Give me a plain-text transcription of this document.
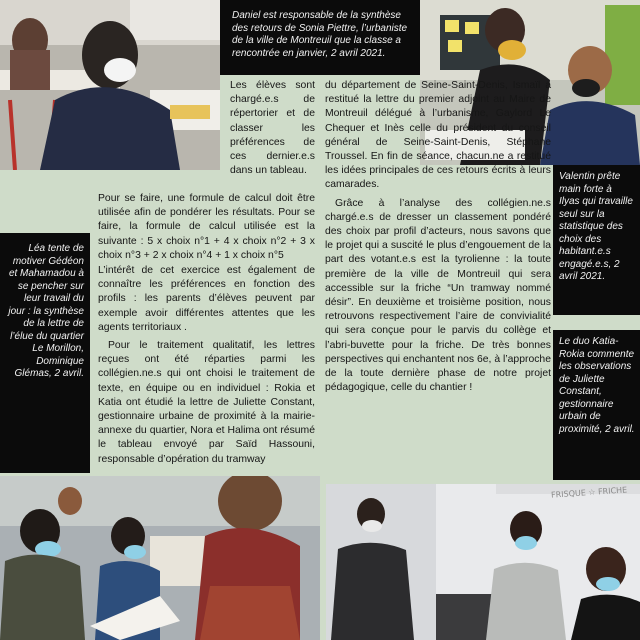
Daniel est responsable de la synthèse des retours de Sonia Piettre, l’urbaniste de la ville de Montreuil que la classe a rencontrée en janvier, 2 avril 2021.

Les élèves sont chargé.e.s de répertorier et de classer les préférences de ces dernier.e.s dans un tableau.

du département de Seine-Saint-Denis, Ismaïl a restitué la lettre du premier adjoint au Maire de Montreuil délégué à l’urbanisme, Gaylord Le Chequer et Inès celle du président du conseil général de Seine-Saint-Denis, Stéphane Troussel. En fin de séance, chacun.ne a restitué les idées principales de ces retours écrits à leurs camarades.

Grâce à l’analyse des collégien.ne.s chargé.e.s de dresser un classement pondéré des choix par profil d’acteurs, nous savons que le projet qui a suscité le plus d’engouement de la part des votant.e.s est la tyrolienne : la toute première de la ville de Montreuil qui sera accessible sur la friche “Un tramway nommé désir”. En deuxième et troisième position, nous retrouvons respectivement l’aire de convivialité qui sera conçue pour le parvis du collège et l’abri-buvette pour la friche. De très bonnes perspectives qui enchantent nos 6e, à l’approche de la toute dernière phase de notre projet pédagogique, celle du chantier !

Pour se faire, une formule de calcul doit être utilisée afin de pondérer les résultats. Pour se faire, la formule de calcul utilisée est la suivante : 5 x choix n°1 + 4 x choix n°2 + 3 x choix n°3 + 2 x choix n°4 + 1 x choix n°5

L’intérêt de cet exercice est également de connaître les préférences en fonction des profils : les parents d’élèves peuvent par exemple avoir différentes attentes que les agents territoriaux .

Pour le traitement qualitatif, les lettres reçues ont été réparties parmi les collégien.ne.s qui ont choisi le traitement de texte, en équipe ou en individuel : Rokia et Katia ont étudié la lettre de Juliette Constant, gestionnaire urbaine de proximité à la mairie-annexe du quartier, Nora et Halima ont résumé le tableau envoyé par Saïd Hassouni, responsable d’opération du tramway

Valentin prête main forte à Ilyas qui travaille seul sur la statistique des choix des habitant.e.s engagé.e.s, 2 avril 2021.

Léa tente de motiver Gédéon et Mahamadou à se pencher sur leur travail du jour : la synthèse de la lettre de l’élue du quartier Le Morillon, Dominique Glémas, 2 avril.

Le duo Katia-Rokia commente les observations de Juliette Constant, gestionnaire urbain de proximité, 2 avril.

FRISQUE ☆ FRICHE
